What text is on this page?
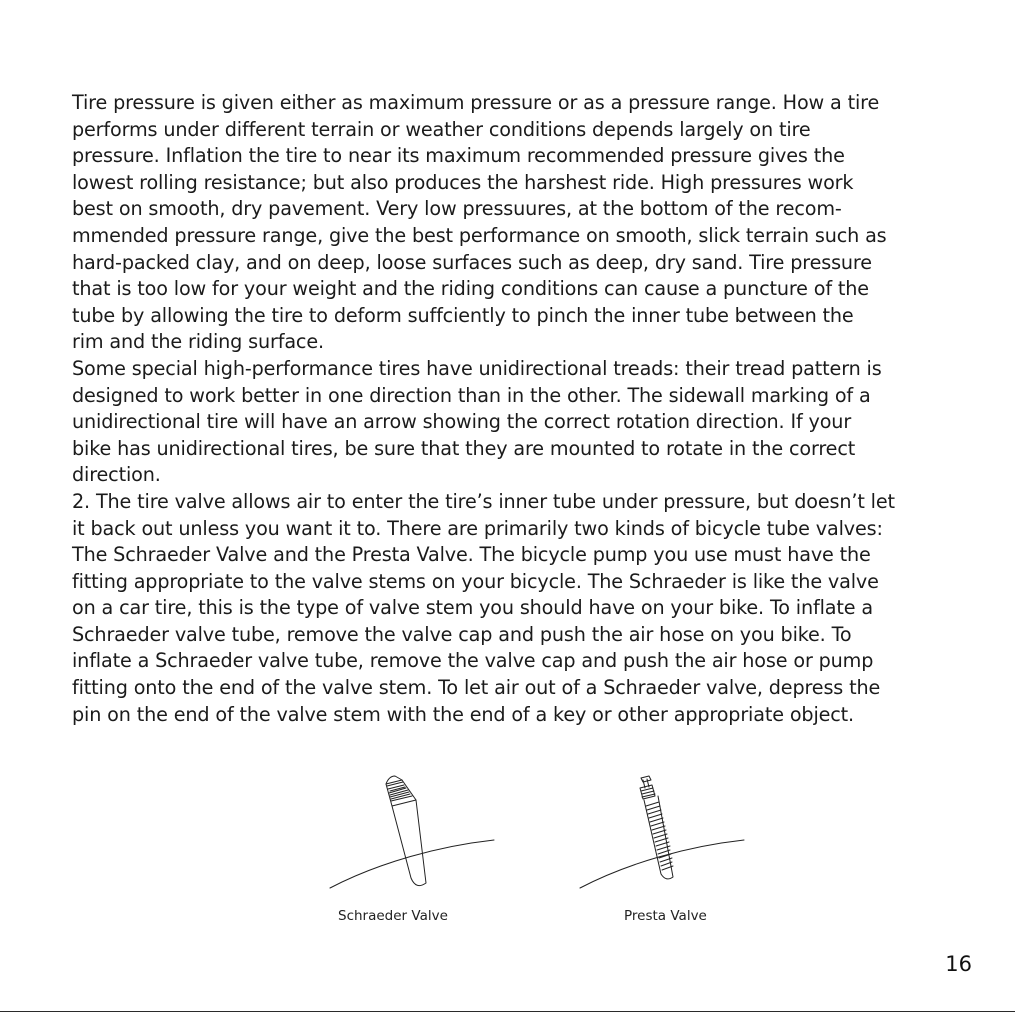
Tire pressure is given either as maximum pressure or as a pressure range. How a tire
performs under different terrain or weather conditions depends largely on tire
pressure. Inflation the tire to near its maximum recommended pressure gives the
lowest rolling resistance; but also produces the harshest ride. High pressures work
best on smooth, dry pavement. Very low pressuures, at the bottom of the recom-
mmended pressure range, give the best performance on smooth, slick terrain such as
hard-packed clay, and on deep, loose surfaces such as deep, dry sand. Tire pressure
that is too low for your weight and the riding conditions can cause a puncture of the
tube by allowing the tire to deform suffciently to pinch the inner tube between the
rim and the riding surface.
Some special high-performance tires have unidirectional treads: their tread pattern is
designed to work better in one direction than in the other. The sidewall marking of a
unidirectional tire will have an arrow showing the correct rotation direction. If your
bike has unidirectional tires, be sure that they are mounted to rotate in the correct
direction.
2. The tire valve allows air to enter the tire’s inner tube under pressure, but doesn’t let
it back out unless you want it to. There are primarily two kinds of bicycle tube valves:
The Schraeder Valve and the Presta Valve. The bicycle pump you use must have the
fitting appropriate to the valve stems on your bicycle. The Schraeder is like the valve
on a car tire, this is the type of valve stem you should have on your bike. To inflate a
Schraeder valve tube, remove the valve cap and push the air hose on you bike. To
inflate a Schraeder valve tube, remove the valve cap and push the air hose or pump
fitting onto the end of the valve stem. To let air out of a Schraeder valve, depress the
pin on the end of the valve stem with the end of a key or other appropriate object.
Schraeder Valve	Presta Valve
16
